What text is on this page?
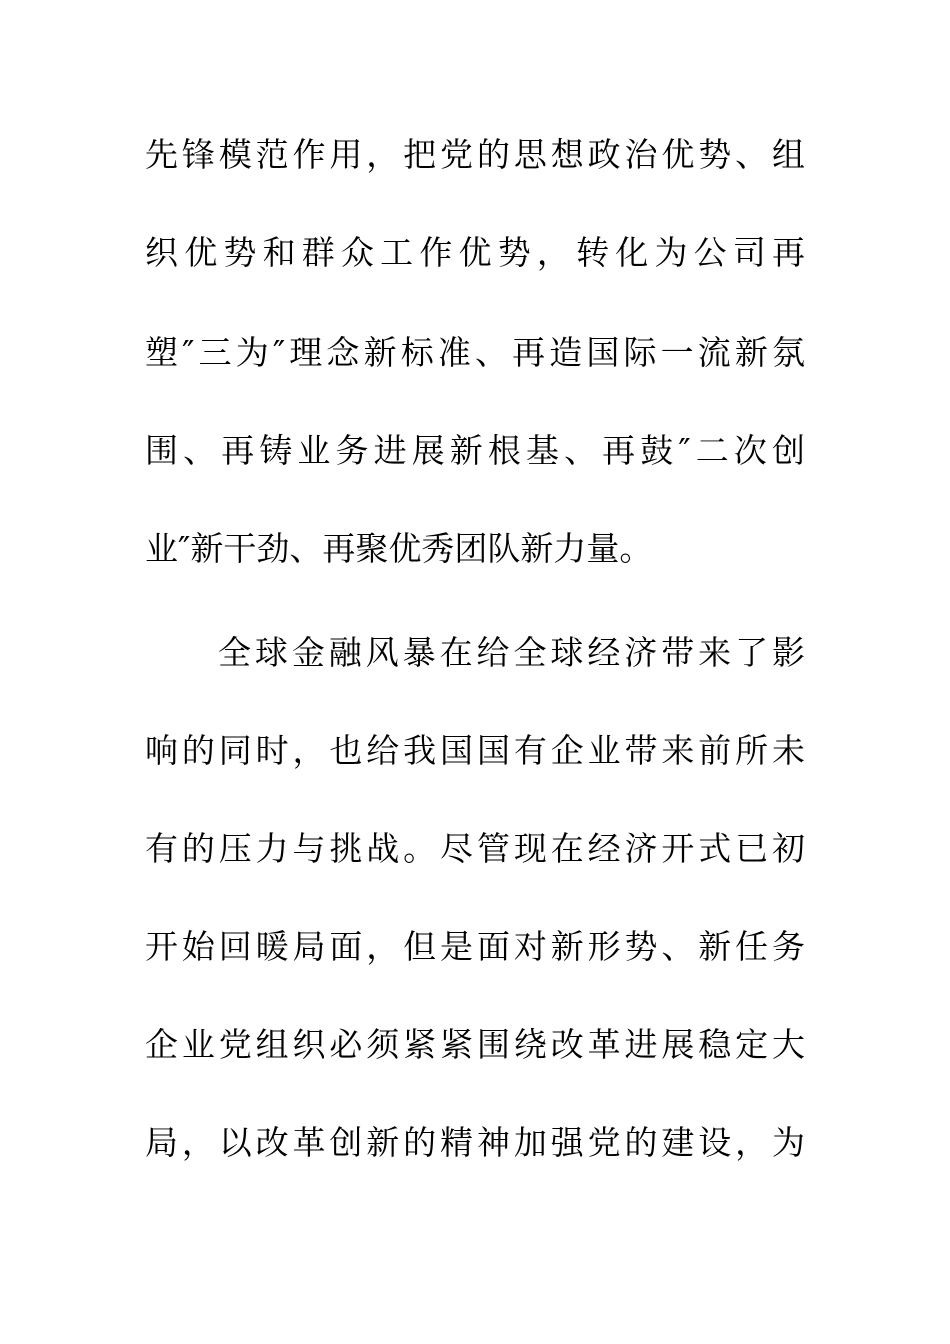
先锋模范作用，把党的思想政治优势、组
织优势和群众工作优势，转化为公司再
塑″三为″理念新标准、再造国际一流新氛
围、再铸业务进展新根基、再鼓″二次创
业″新干劲、再聚优秀团队新力量。
全球金融风暴在给全球经济带来了影
响的同时，也给我国国有企业带来前所未
有的压力与挑战。尽管现在经济开式已初
开始回暖局面，但是面对新形势、新任务
企业党组织必须紧紧围绕改革进展稳定大
局，以改革创新的精神加强党的建设，为
